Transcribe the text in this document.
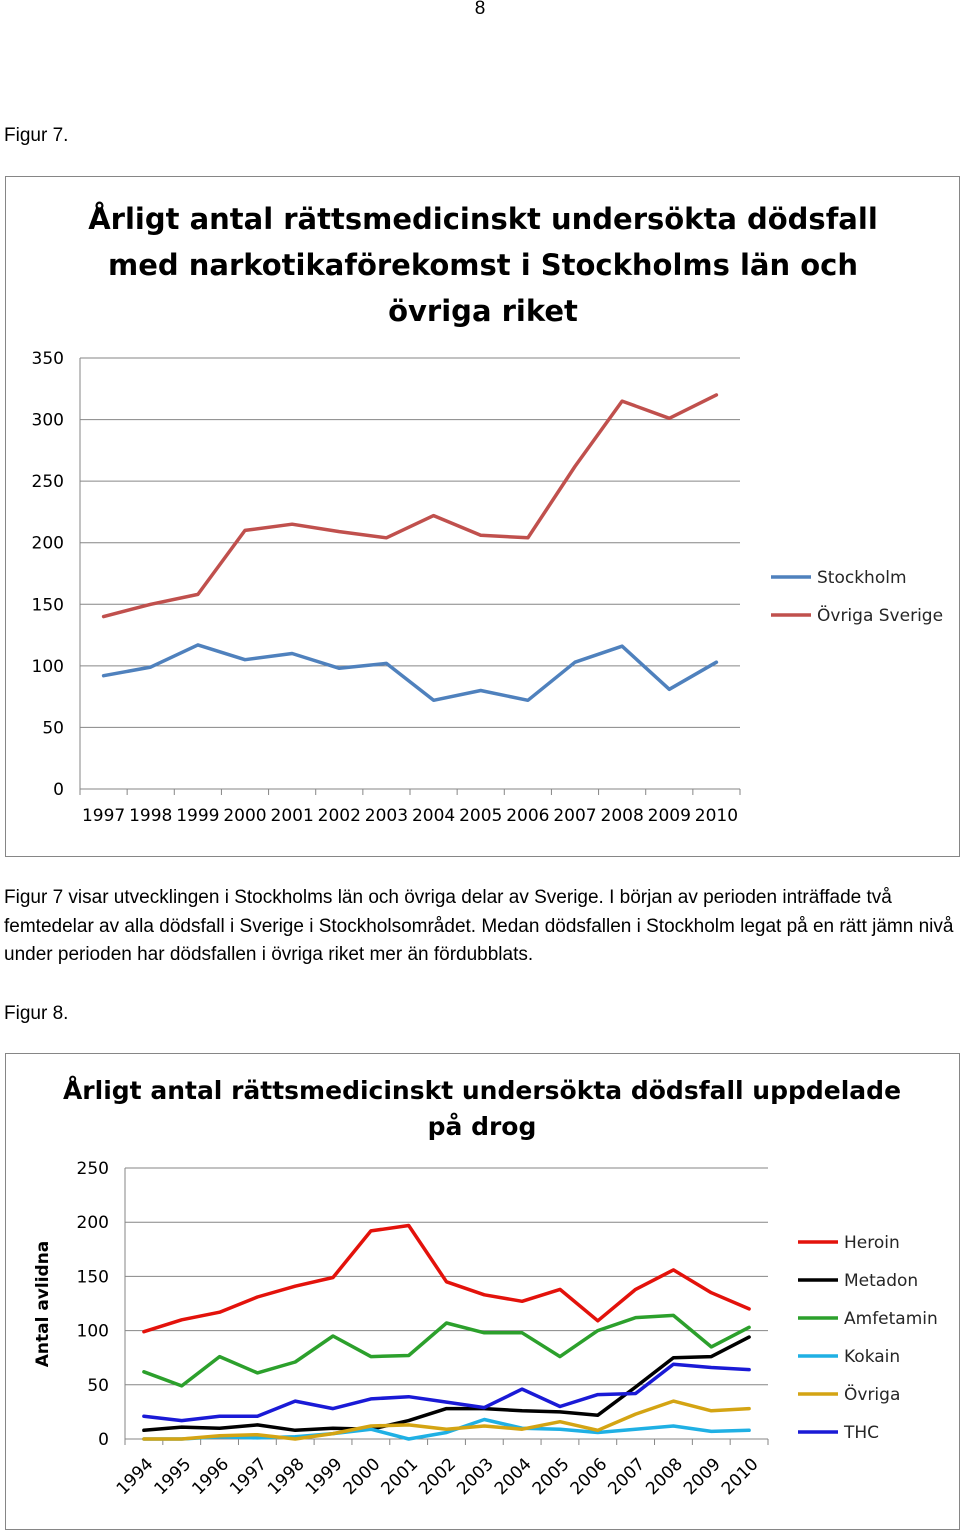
8
Figur 7.
Årligt antal rättsmedicinskt undersökta dödsfall
med narkotikaförekomst i Stockholms län och
övriga riket
0
50
100
150
200
250
300
350
1997 1998 1999 2000 2001 2002 2003 2004 2005 2006 2007 2008 2009 2010
Stockholm
Övriga Sverige
Figur 7 visar utvecklingen i Stockholms län och övriga delar av Sverige. I början av perioden inträffade två femtedelar av alla dödsfall i Sverige i Stockholsområdet. Medan dödsfallen i Stockholm legat på en rätt jämn nivå under perioden har dödsfallen i övriga riket mer än fördubblats.
Figur 8.
Årligt antal rättsmedicinskt undersökta dödsfall uppdelade
på drog
Antal avlidna
0
50
100
150
200
250
1994
1995
1996
1997
1998
1999
2000
2001
2002
2003
2004
2005
2006
2007
2008
2009
2010
Heroin
Metadon
Amfetamin
Kokain
Övriga
THC
